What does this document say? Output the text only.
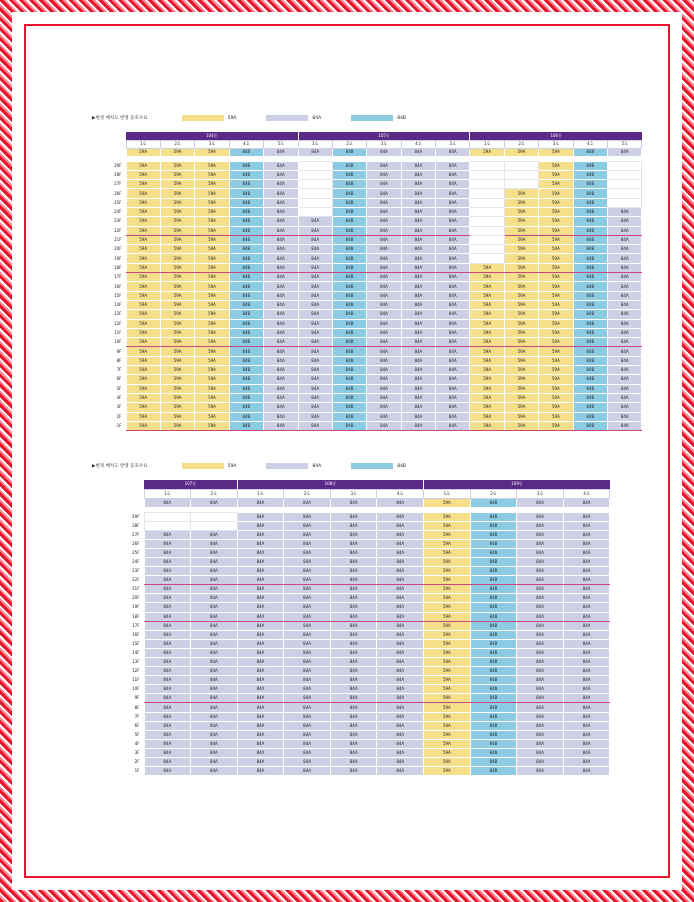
▶변경 배치도 반영 동호수표	59A	84A	84B
	104동					105동					106동				
	1호	2호	3호	4호	5호	1호	2호	3호	4호	5호	1호	2호	3호	4호	5호
	59A	59A	59A	84B	84A	84A	84B	84A	84A	84A	59A	59A	59A	84B	84A

29F	59A	59A	59A	84B	84A		84B	84A	84A	84A			59A	84B	
28F	59A	59A	59A	84B	84A		84B	84A	84A	84A			59A	84B	
27F	59A	59A	59A	84B	84A		84B	84A	84A	84A			59A	84B	
26F	59A	59A	59A	84B	84A		84B	84A	84A	84A		59A	59A	84B	
25F	59A	59A	59A	84B	84A		84B	84A	84A	84A		59A	59A	84B	
24F	59A	59A	59A	84B	84A		84B	84A	84A	84A		59A	59A	84B	84A
23F	59A	59A	59A	84B	84A	84A	84B	84A	84A	84A		59A	59A	84B	84A
22F	59A	59A	59A	84B	84A	84A	84B	84A	84A	84A		59A	59A	84B	84A
21F	59A	59A	59A	84B	84A	84A	84B	84A	84A	84A		59A	59A	84B	84A
20F	59A	59A	59A	84B	84A	84A	84B	84A	84A	84A		59A	59A	84B	84A
19F	59A	59A	59A	84B	84A	84A	84B	84A	84A	84A		59A	59A	84B	84A
18F	59A	59A	59A	84B	84A	84A	84B	84A	84A	84A	59A	59A	59A	84B	84A
17F	59A	59A	59A	84B	84A	84A	84B	84A	84A	84A	59A	59A	59A	84B	84A
16F	59A	59A	59A	84B	84A	84A	84B	84A	84A	84A	59A	59A	59A	84B	84A
15F	59A	59A	59A	84B	84A	84A	84B	84A	84A	84A	59A	59A	59A	84B	84A
14F	59A	59A	59A	84B	84A	84A	84B	84A	84A	84A	59A	59A	59A	84B	84A
13F	59A	59A	59A	84B	84A	84A	84B	84A	84A	84A	59A	59A	59A	84B	84A
12F	59A	59A	59A	84B	84A	84A	84B	84A	84A	84A	59A	59A	59A	84B	84A
11F	59A	59A	59A	84B	84A	84A	84B	84A	84A	84A	59A	59A	59A	84B	84A
10F	59A	59A	59A	84B	84A	84A	84B	84A	84A	84A	59A	59A	59A	84B	84A
9F	59A	59A	59A	84B	84A	84A	84B	84A	84A	84A	59A	59A	59A	84B	84A
8F	59A	59A	59A	84B	84A	84A	84B	84A	84A	84A	59A	59A	59A	84B	84A
7F	59A	59A	59A	84B	84A	84A	84B	84A	84A	84A	59A	59A	59A	84B	84A
6F	59A	59A	59A	84B	84A	84A	84B	84A	84A	84A	59A	59A	59A	84B	84A
5F	59A	59A	59A	84B	84A	84A	84B	84A	84A	84A	59A	59A	59A	84B	84A
4F	59A	59A	59A	84B	84A	84A	84B	84A	84A	84A	59A	59A	59A	84B	84A
3F	59A	59A	59A	84B	84A	84A	84B	84A	84A	84A	59A	59A	59A	84B	84A
2F	59A	59A	59A	84B	84A	84A	84B	84A	84A	84A	59A	59A	59A	84B	84A
1F	59A	59A	59A	84B	84A	84A	84B	84A	84A	84A	59A	59A	59A	84B	84A
▶변경 배치도 반영 동호수표	59A	84A	84B
	107동		108동				109동			
	1호	2호	1호	2호	3호	4호	1호	2호	3호	4호
	84A	84A	84A	84A	84A	84A	59A	84B	84A	84A

29F			84A	84A	84A	84A	59A	84B	84A	84A
28F			84A	84A	84A	84A	59A	84B	84A	84A
27F	84A	84A	84A	84A	84A	84A	59A	84B	84A	84A
26F	84A	84A	84A	84A	84A	84A	59A	84B	84A	84A
25F	84A	84A	84A	84A	84A	84A	59A	84B	84A	84A
24F	84A	84A	84A	84A	84A	84A	59A	84B	84A	84A
23F	84A	84A	84A	84A	84A	84A	59A	84B	84A	84A
22F	84A	84A	84A	84A	84A	84A	59A	84B	84A	84A
21F	84A	84A	84A	84A	84A	84A	59A	84B	84A	84A
20F	84A	84A	84A	84A	84A	84A	59A	84B	84A	84A
19F	84A	84A	84A	84A	84A	84A	59A	84B	84A	84A
18F	84A	84A	84A	84A	84A	84A	59A	84B	84A	84A
17F	84A	84A	84A	84A	84A	84A	59A	84B	84A	84A
16F	84A	84A	84A	84A	84A	84A	59A	84B	84A	84A
15F	84A	84A	84A	84A	84A	84A	59A	84B	84A	84A
14F	84A	84A	84A	84A	84A	84A	59A	84B	84A	84A
13F	84A	84A	84A	84A	84A	84A	59A	84B	84A	84A
12F	84A	84A	84A	84A	84A	84A	59A	84B	84A	84A
11F	84A	84A	84A	84A	84A	84A	59A	84B	84A	84A
10F	84A	84A	84A	84A	84A	84A	59A	84B	84A	84A
9F	84A	84A	84A	84A	84A	84A	59A	84B	84A	84A
8F	84A	84A	84A	84A	84A	84A	59A	84B	84A	84A
7F	84A	84A	84A	84A	84A	84A	59A	84B	84A	84A
6F	84A	84A	84A	84A	84A	84A	59A	84B	84A	84A
5F	84A	84A	84A	84A	84A	84A	59A	84B	84A	84A
4F	84A	84A	84A	84A	84A	84A	59A	84B	84A	84A
3F	84A	84A	84A	84A	84A	84A	59A	84B	84A	84A
2F	84A	84A	84A	84A	84A	84A	59A	84B	84A	84A
1F	84A	84A	84A	84A	84A	84A	59A	84B	84A	84A
